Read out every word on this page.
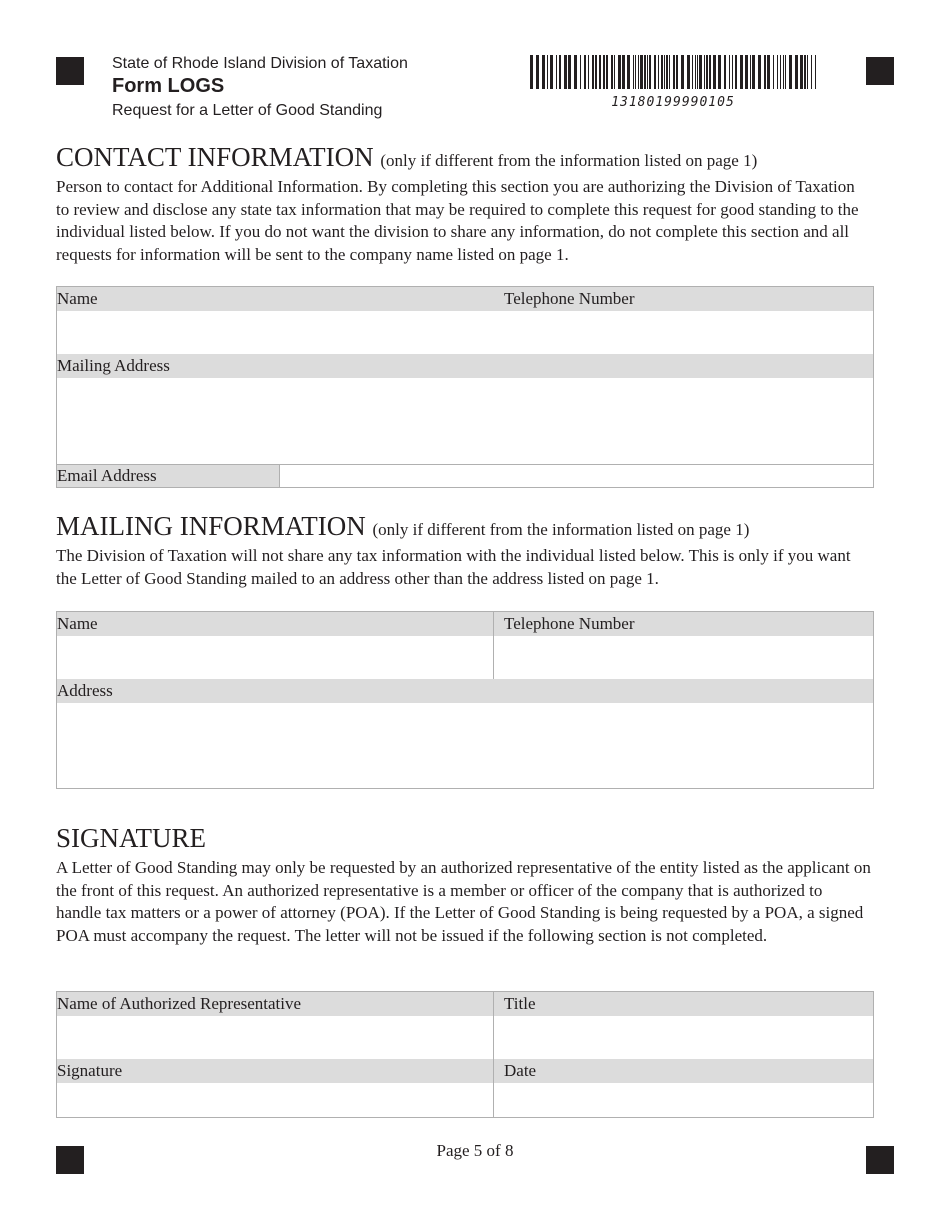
State of Rhode Island Division of Taxation
Form LOGS
Request for a Letter of Good Standing	13180199990105
CONTACT INFORMATION (only if different from the information listed on page 1)

Person to contact for Additional Information. By completing this section you are authorizing the Division of Taxation to review and disclose any state tax information that may be required to complete this request for good standing to the individual listed below. If you do not want the division to share any information, do not complete this section and all requests for information will be sent to the company name listed on page 1.

Name	Telephone Number
Mailing Address
Email Address
MAILING INFORMATION (only if different from the information listed on page 1)

The Division of Taxation will not share any tax information with the individual listed below. This is only if you want the Letter of Good Standing mailed to an address other than the address listed on page 1.

Name	Telephone Number
Address
SIGNATURE

A Letter of Good Standing may only be requested by an authorized representative of the entity listed as the applicant on the front of this request. An authorized representative is a member or officer of the company that is authorized to handle tax matters or a power of attorney (POA). If the Letter of Good Standing is being requested by a POA, a signed POA must accompany the request. The letter will not be issued if the following section is not completed.

Name of Authorized Representative	Title
Signature	Date
Page 5 of 8
